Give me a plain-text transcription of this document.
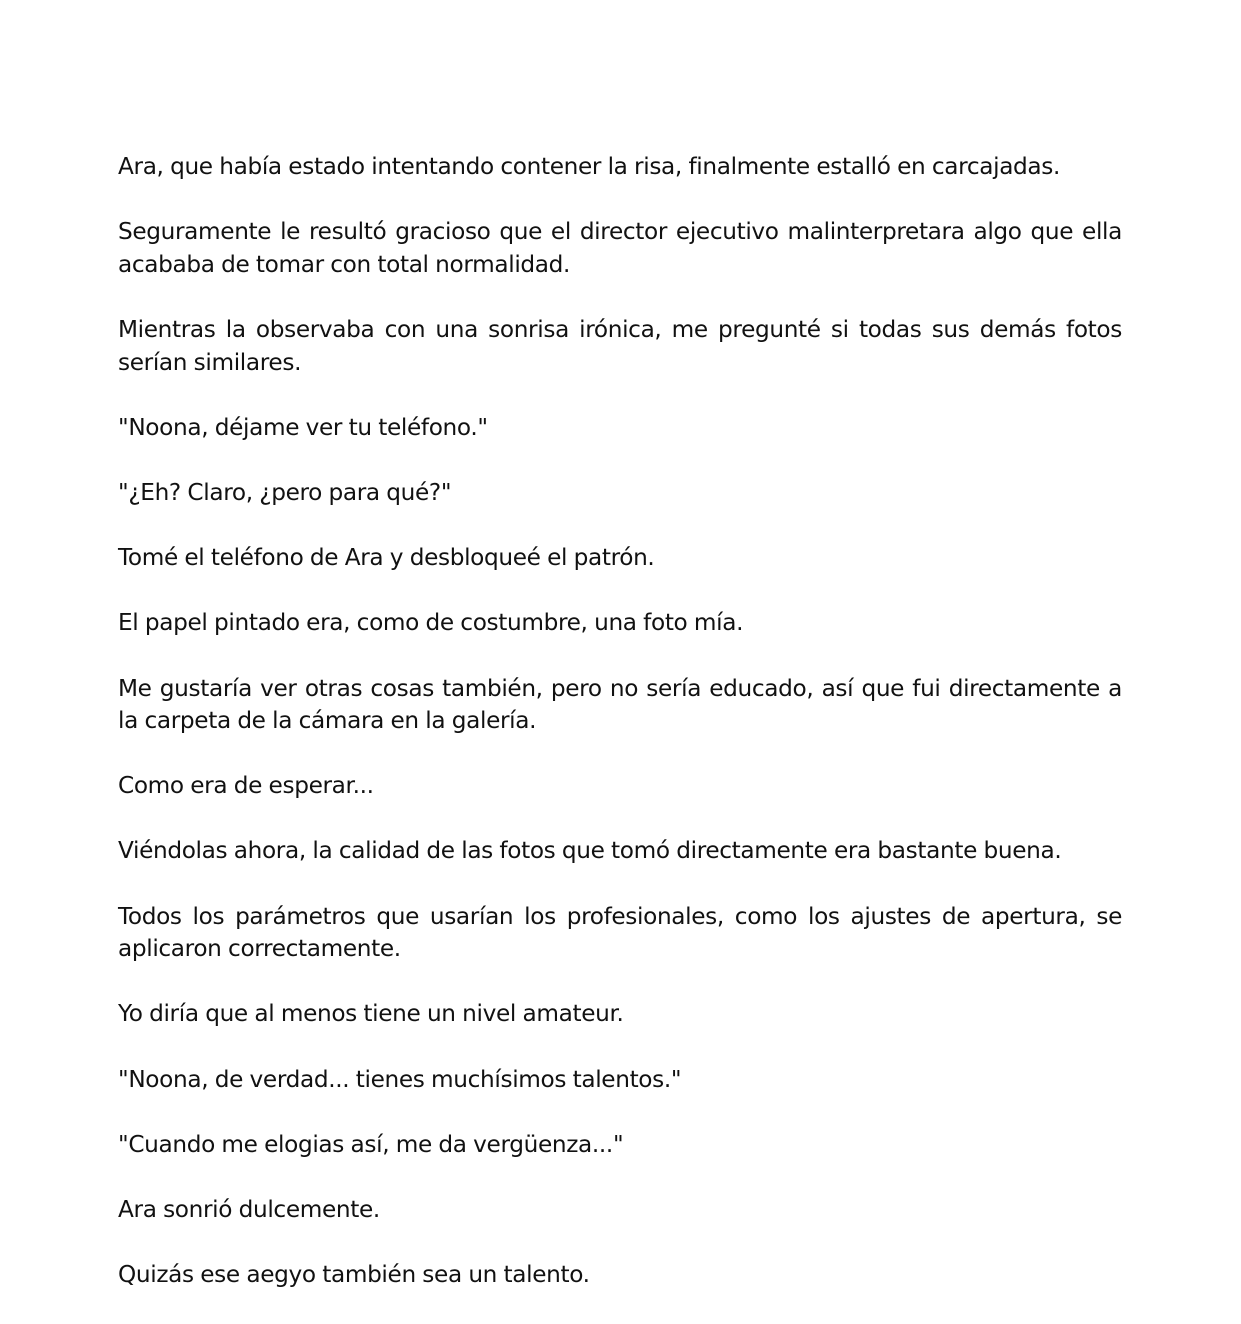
Ara, que había estado intentando contener la risa, finalmente estalló en carcajadas.

Seguramente le resultó gracioso que el director ejecutivo malinterpretara algo que ella acababa de tomar con total normalidad.

Mientras la observaba con una sonrisa irónica, me pregunté si todas sus demás fotos serían similares.

"Noona, déjame ver tu teléfono."

"¿Eh? Claro, ¿pero para qué?"

Tomé el teléfono de Ara y desbloqueé el patrón.

El papel pintado era, como de costumbre, una foto mía.

Me gustaría ver otras cosas también, pero no sería educado, así que fui directamente a la carpeta de la cámara en la galería.

Como era de esperar...

Viéndolas ahora, la calidad de las fotos que tomó directamente era bastante buena.

Todos los parámetros que usarían los profesionales, como los ajustes de apertura, se aplicaron correctamente.

Yo diría que al menos tiene un nivel amateur.

"Noona, de verdad... tienes muchísimos talentos."

"Cuando me elogias así, me da vergüenza..."

Ara sonrió dulcemente.

Quizás ese aegyo también sea un talento.
